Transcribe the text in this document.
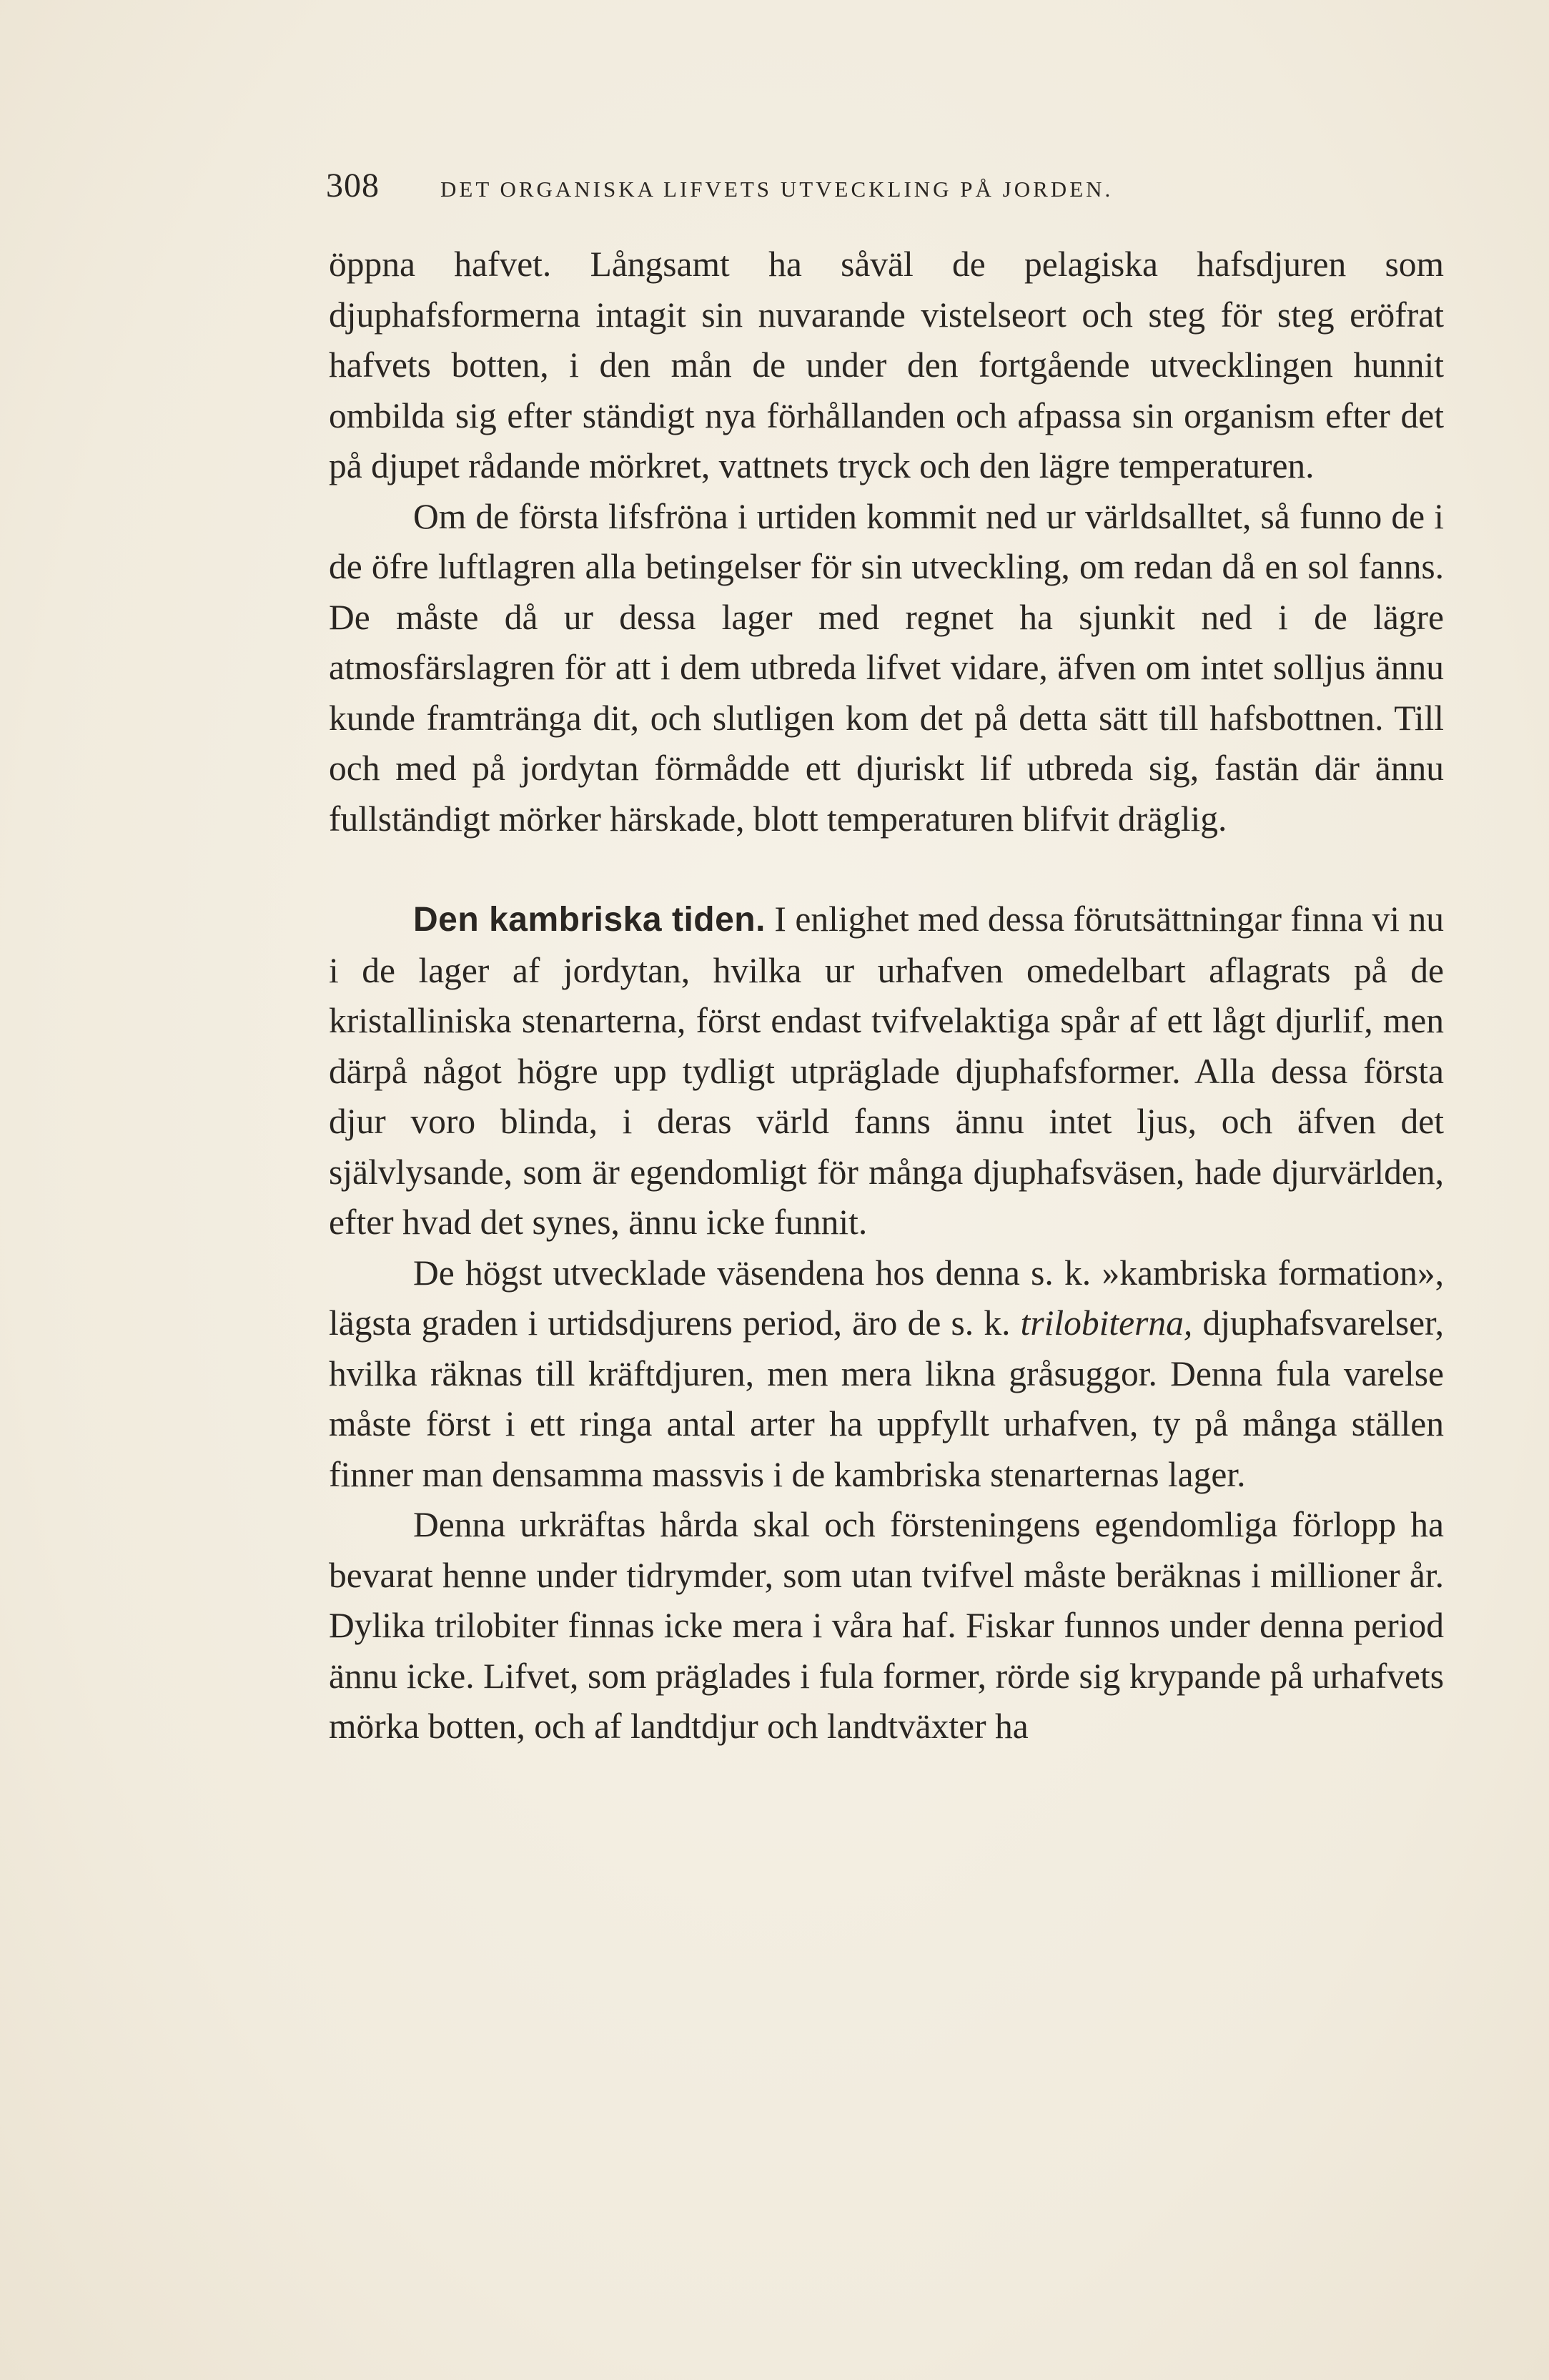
308	DET ORGANISKA LIFVETS UTVECKLING PÅ JORDEN.

öppna hafvet. Långsamt ha såväl de pelagiska hafsdjuren som djuphafsformerna intagit sin nuvarande vistelseort och steg för steg eröfrat hafvets botten, i den mån de under den fortgående utvecklingen hunnit ombilda sig efter ständigt nya förhållanden och afpassa sin organism efter det på djupet rådande mörkret, vattnets tryck och den lägre temperaturen.

Om de första lifsfröna i urtiden kommit ned ur världsalltet, så funno de i de öfre luftlagren alla betingelser för sin utveckling, om redan då en sol fanns. De måste då ur dessa lager med regnet ha sjunkit ned i de lägre atmosfärslagren för att i dem utbreda lifvet vidare, äfven om intet solljus ännu kunde framtränga dit, och slutligen kom det på detta sätt till hafsbottnen. Till och med på jordytan förmådde ett djuriskt lif utbreda sig, fastän där ännu fullständigt mörker härskade, blott temperaturen blifvit dräglig.

Den kambriska tiden. I enlighet med dessa förutsättningar finna vi nu i de lager af jordytan, hvilka ur urhafven omedelbart aflagrats på de kristalliniska stenarterna, först endast tvifvelaktiga spår af ett lågt djurlif, men därpå något högre upp tydligt utpräglade djuphafsformer. Alla dessa första djur voro blinda, i deras värld fanns ännu intet ljus, och äfven det självlysande, som är egendomligt för många djuphafsväsen, hade djurvärlden, efter hvad det synes, ännu icke funnit.

De högst utvecklade väsendena hos denna s. k. »kambriska formation», lägsta graden i urtidsdjurens period, äro de s. k. trilobiterna, djuphafsvarelser, hvilka räknas till kräftdjuren, men mera likna gråsuggor. Denna fula varelse måste först i ett ringa antal arter ha uppfyllt urhafven, ty på många ställen finner man densamma massvis i de kambriska stenarternas lager.

Denna urkräftas hårda skal och försteningens egendomliga förlopp ha bevarat henne under tidrymder, som utan tvifvel måste beräknas i millioner år. Dylika trilobiter finnas icke mera i våra haf. Fiskar funnos under denna period ännu icke. Lifvet, som präglades i fula former, rörde sig krypande på urhafvets mörka botten, och af landtdjur och landtväxter ha
